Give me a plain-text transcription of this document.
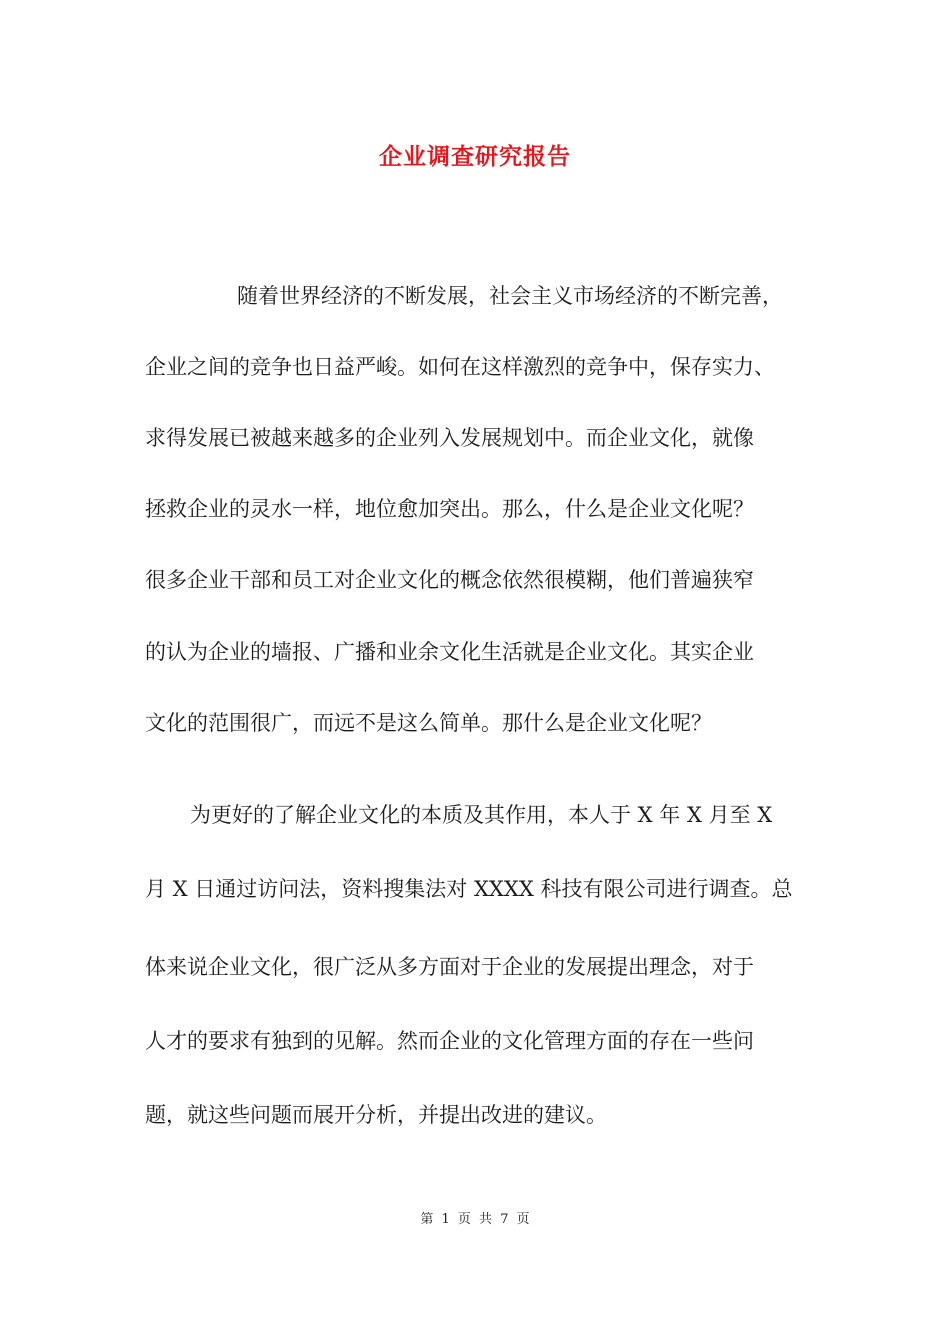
企业调查研究报告
随着世界经济的不断发展，社会主义市场经济的不断完善，
企业之间的竞争也日益严峻。如何在这样激烈的竞争中，保存实力、
求得发展已被越来越多的企业列入发展规划中。而企业文化，就像
拯救企业的灵水一样，地位愈加突出。那么，什么是企业文化呢？
很多企业干部和员工对企业文化的概念依然很模糊，他们普遍狭窄
的认为企业的墙报、广播和业余文化生活就是企业文化。其实企业
文化的范围很广，而远不是这么简单。那什么是企业文化呢？
为更好的了解企业文化的本质及其作用，本人于 X 年 X 月至 X
月 X 日通过访问法，资料搜集法对 XXXX 科技有限公司进行调查。总
体来说企业文化，很广泛从多方面对于企业的发展提出理念，对于
人才的要求有独到的见解。然而企业的文化管理方面的存在一些问
题，就这些问题而展开分析，并提出改进的建议。
第 1 页 共 7 页
